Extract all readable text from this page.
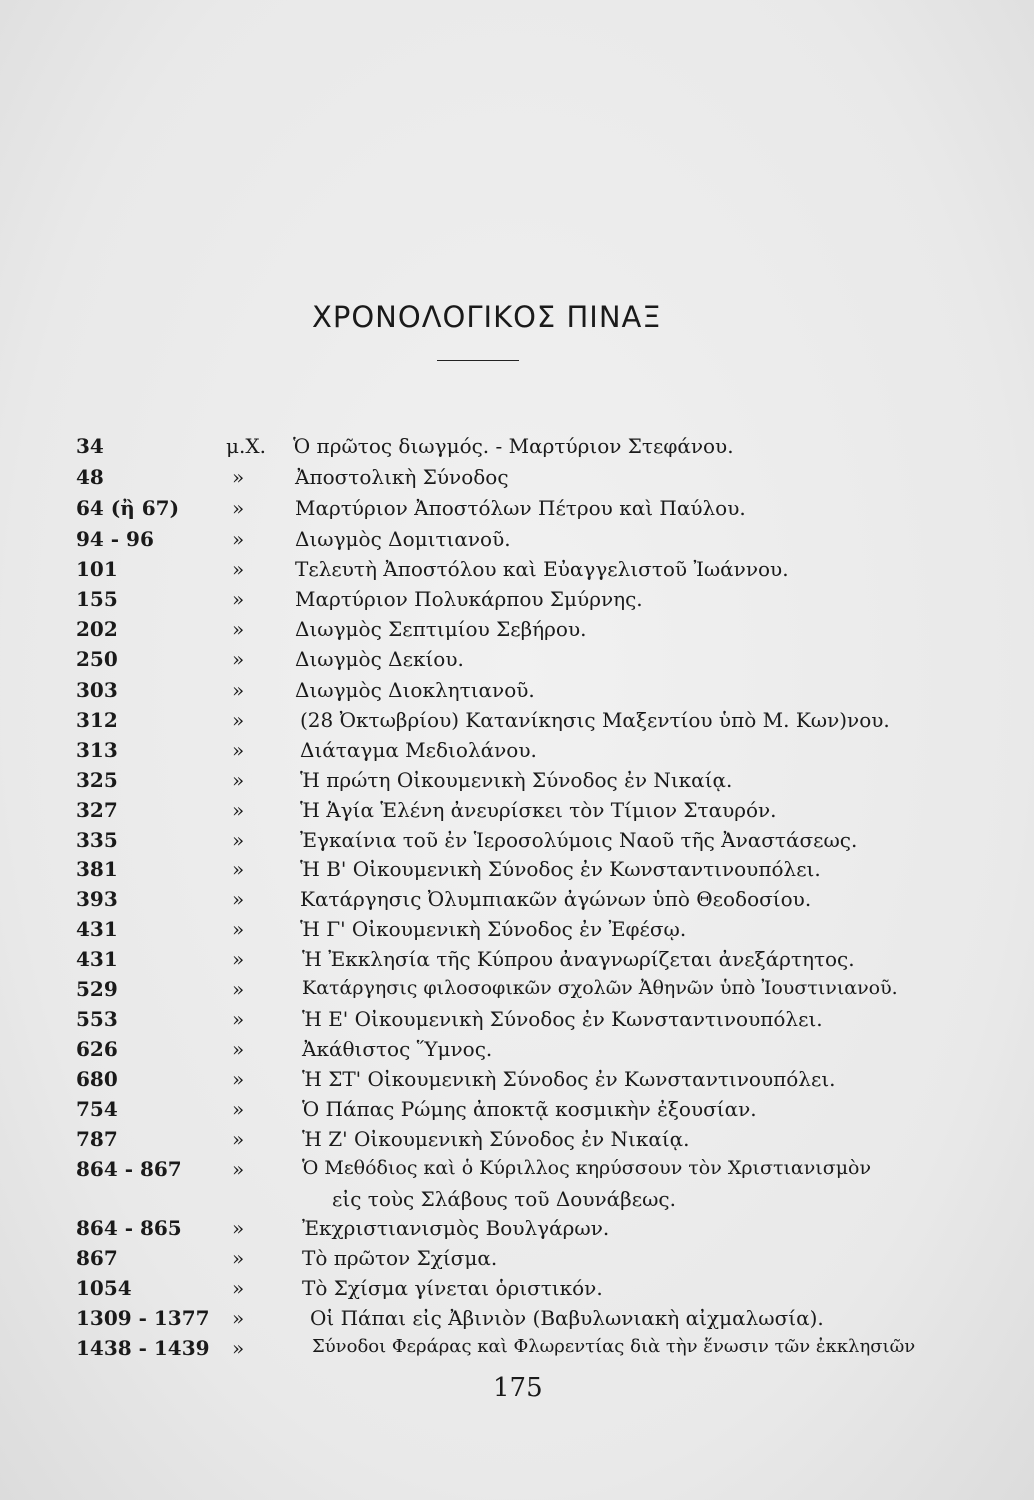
ΧΡΟΝΟΛΟΓΙΚΟΣ ΠΙΝΑΞ
34	μ.Χ. Ὁ πρῶτος διωγμός. - Μαρτύριον Στεφάνου.
48	»	Ἀποστολικὴ Σύνοδος
64 (ἢ 67)	»	Μαρτύριον Ἀποστόλων Πέτρου καὶ Παύλου.
94 - 96	»	Διωγμὸς Δομιτιανοῦ.
101	»	Τελευτὴ Ἀποστόλου καὶ Εὐαγγελιστοῦ Ἰωάννου.
155	»	Μαρτύριον Πολυκάρπου Σμύρνης.
202	»	Διωγμὸς Σεπτιμίου Σεβήρου.
250	»	Διωγμὸς Δεκίου.
303	»	Διωγμὸς Διοκλητιανοῦ.
312	»	(28 Ὀκτωβρίου) Κατανίκησις Μαξεντίου ὑπὸ Μ. Κων)νου.
313	»	Διάταγμα Μεδιολάνου.
325	»	Ἡ πρώτη Οἰκουμενικὴ Σύνοδος ἐν Νικαίᾳ.
327	»	Ἡ Ἁγία Ἑλένη ἀνευρίσκει τὸν Τίμιον Σταυρόν.
335	»	Ἐγκαίνια τοῦ ἐν Ἱεροσολύμοις Ναοῦ τῆς Ἀναστάσεως.
381	»	Ἡ Β' Οἰκουμενικὴ Σύνοδος ἐν Κωνσταντινουπόλει.
393	»	Κατάργησις Ὀλυμπιακῶν ἀγώνων ὑπὸ Θεοδοσίου.
431	»	Ἡ Γ' Οἰκουμενικὴ Σύνοδος ἐν Ἐφέσῳ.
431	»	Ἡ Ἐκκλησία τῆς Κύπρου ἀναγνωρίζεται ἀνεξάρτητος.
529	»	Κατάργησις φιλοσοφικῶν σχολῶν Ἀθηνῶν ὑπὸ Ἰουστινιανοῦ.
553	»	Ἡ Ε' Οἰκουμενικὴ Σύνοδος ἐν Κωνσταντινουπόλει.
626	»	Ἀκάθιστος Ὕμνος.
680	»	Ἡ ΣΤ' Οἰκουμενικὴ Σύνοδος ἐν Κωνσταντινουπόλει.
754	»	Ὁ Πάπας Ρώμης ἀποκτᾷ κοσμικὴν ἐξουσίαν.
787	»	Ἡ Ζ' Οἰκουμενικὴ Σύνοδος ἐν Νικαίᾳ.
864 - 867	»	Ὁ Μεθόδιος καὶ ὁ Κύριλλος κηρύσσουν τὸν Χριστιανισμὸν
εἰς τοὺς Σλάβους τοῦ Δουνάβεως.
864 - 865	»	Ἐκχριστιανισμὸς Βουλγάρων.
867	»	Τὸ πρῶτον Σχίσμα.
1054	»	Τὸ Σχίσμα γίνεται ὁριστικόν.
1309 - 1377 »	Οἱ Πάπαι εἰς Ἀβινιὸν (Βαβυλωνιακὴ αἰχμαλωσία).
1438 - 1439 »	Σύνοδοι Φεράρας καὶ Φλωρεντίας διὰ τὴν ἕνωσιν τῶν ἐκκλησιῶν

175
